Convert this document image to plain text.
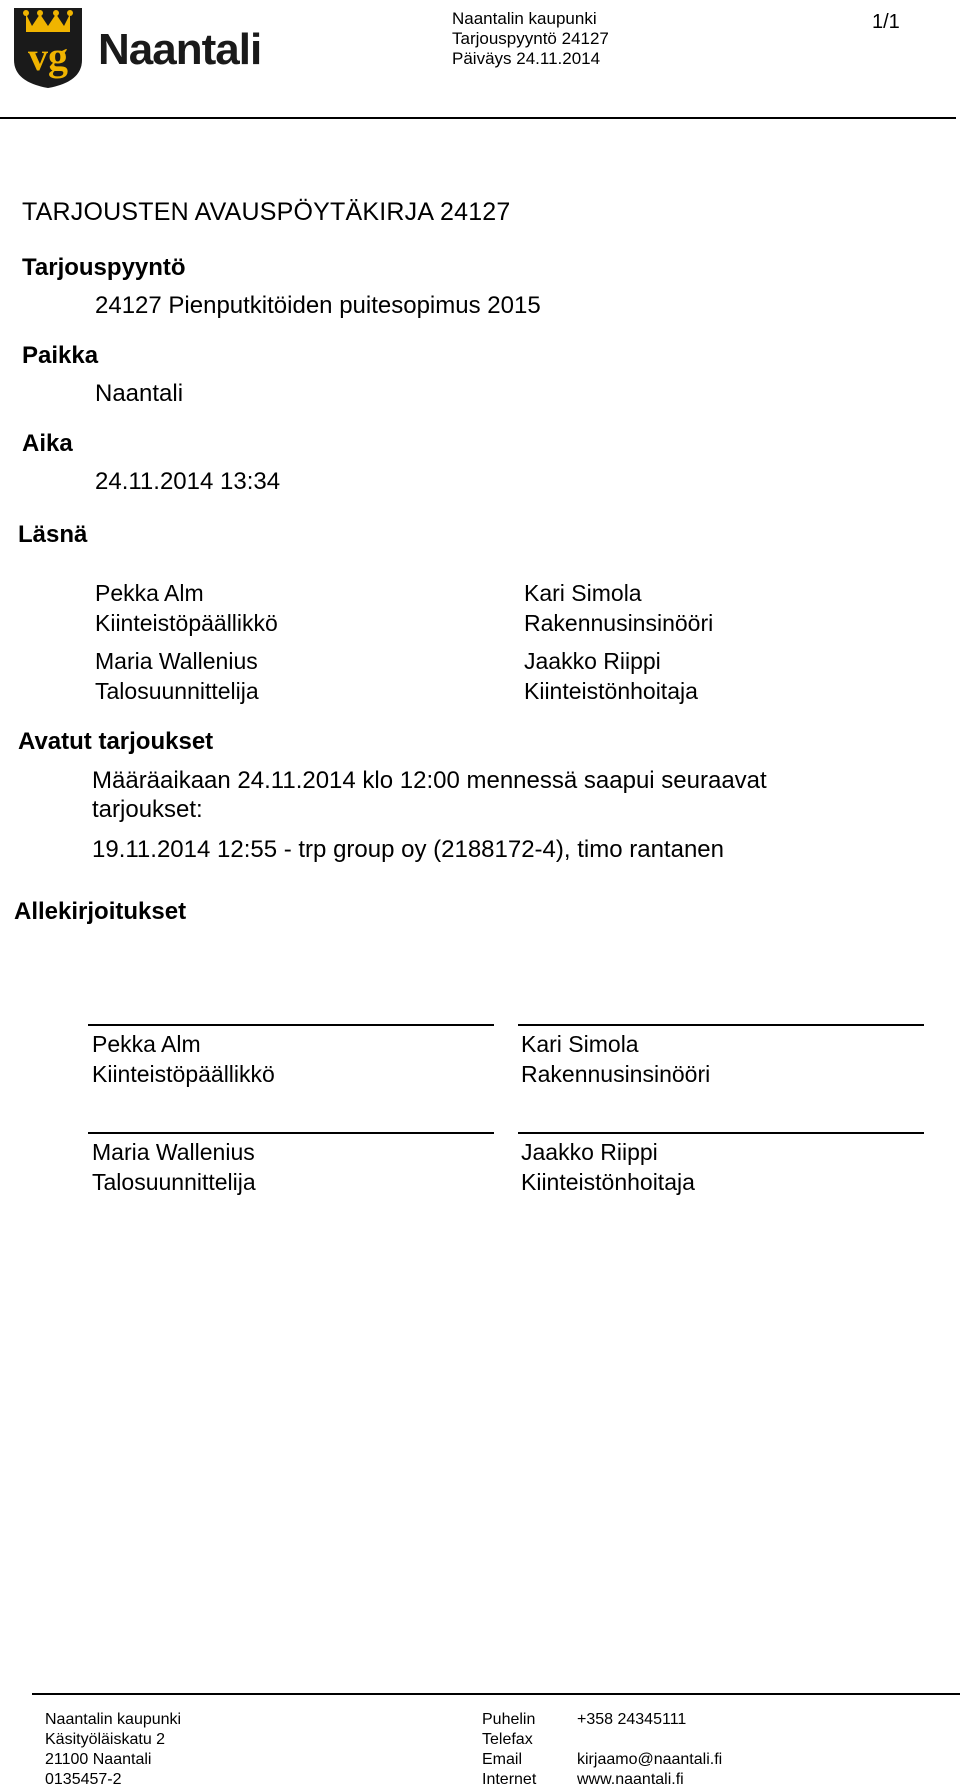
vg Naantali
Naantalin kaupunki
Tarjouspyyntö 24127
Päiväys 24.11.2014
1/1
TARJOUSTEN AVAUSPÖYTÄKIRJA 24127
Tarjouspyyntö
24127 Pienputkitöiden puitesopimus 2015
Paikka
Naantali
Aika
24.11.2014 13:34
Läsnä
Pekka Alm
Kiinteistöpäällikkö
Kari Simola
Rakennusinsinööri
Maria Wallenius
Talosuunnittelija
Jaakko Riippi
Kiinteistönhoitaja
Avatut tarjoukset
Määräaikaan 24.11.2014 klo 12:00 mennessä saapui seuraavat
tarjoukset:
19.11.2014 12:55 - trp group oy (2188172-4), timo rantanen
Allekirjoitukset
Pekka Alm
Kiinteistöpäällikkö
Kari Simola
Rakennusinsinööri
Maria Wallenius
Talosuunnittelija
Jaakko Riippi
Kiinteistönhoitaja
Naantalin kaupunki
Käsityöläiskatu 2
21100 Naantali
0135457-2
Puhelin
Telefax
Email
Internet
+358 24345111
kirjaamo@naantali.fi
www.naantali.fi
